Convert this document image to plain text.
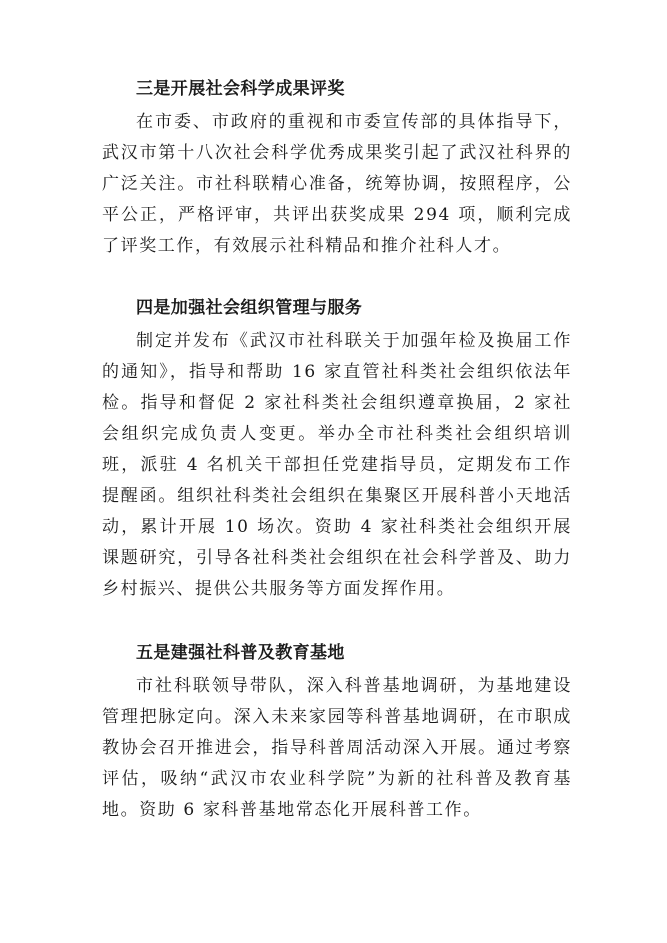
三是开展社会科学成果评奖

在市委、市政府的重视和市委宣传部的具体指导下，武汉市第十八次社会科学优秀成果奖引起了武汉社科界的广泛关注。市社科联精心准备，统筹协调，按照程序，公平公正，严格评审，共评出获奖成果 294 项，顺利完成了评奖工作，有效展示社科精品和推介社科人才。

四是加强社会组织管理与服务

制定并发布《武汉市社科联关于加强年检及换届工作的通知》，指导和帮助 16 家直管社科类社会组织依法年检。指导和督促 2 家社科类社会组织遵章换届，2 家社会组织完成负责人变更。举办全市社科类社会组织培训班，派驻 4 名机关干部担任党建指导员，定期发布工作提醒函。组织社科类社会组织在集聚区开展科普小天地活动，累计开展 10 场次。资助 4 家社科类社会组织开展课题研究，引导各社科类社会组织在社会科学普及、助力乡村振兴、提供公共服务等方面发挥作用。

五是建强社科普及教育基地

市社科联领导带队，深入科普基地调研，为基地建设管理把脉定向。深入未来家园等科普基地调研，在市职成教协会召开推进会，指导科普周活动深入开展。通过考察评估，吸纳“武汉市农业科学院”为新的社科普及教育基地。资助 6 家科普基地常态化开展科普工作。
